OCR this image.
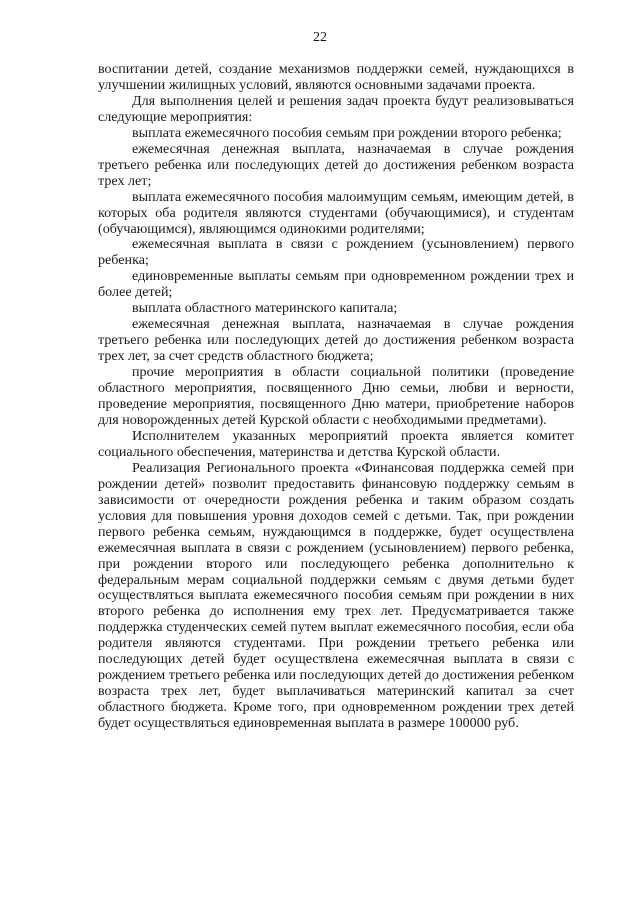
22

воспитании детей, создание механизмов поддержки семей, нуждающихся в улучшении жилищных условий, являются основными задачами проекта.

Для выполнения целей и решения задач проекта будут реализовываться следующие мероприятия:

выплата ежемесячного пособия семьям при рождении второго ребенка;

ежемесячная денежная выплата, назначаемая в случае рождения третьего ребенка или последующих детей до достижения ребенком возраста трех лет;

выплата ежемесячного пособия малоимущим семьям, имеющим детей, в которых оба родителя являются студентами (обучающимися), и студентам (обучающимся), являющимся одинокими родителями;

ежемесячная выплата в связи с рождением (усыновлением) первого ребенка;

единовременные выплаты семьям при одновременном рождении трех и более детей;

выплата областного материнского капитала;

ежемесячная денежная выплата, назначаемая в случае рождения третьего ребенка или последующих детей до достижения ребенком возраста трех лет, за счет средств областного бюджета;

прочие мероприятия в области социальной политики (проведение областного мероприятия, посвященного Дню семьи, любви и верности, проведение мероприятия, посвященного Дню матери, приобретение наборов для новорожденных детей Курской области с необходимыми предметами).

Исполнителем указанных мероприятий проекта является комитет социального обеспечения, материнства и детства Курской области.

Реализация Регионального проекта «Финансовая поддержка семей при рождении детей» позволит предоставить финансовую поддержку семьям в зависимости от очередности рождения ребенка и таким образом создать условия для повышения уровня доходов семей с детьми. Так, при рождении первого ребенка семьям, нуждающимся в поддержке, будет осуществлена ежемесячная выплата в связи с рождением (усыновлением) первого ребенка, при рождении второго или последующего ребенка дополнительно к федеральным мерам социальной поддержки семьям с двумя детьми будет осуществляться выплата ежемесячного пособия семьям при рождении в них второго ребенка до исполнения ему трех лет. Предусматривается также поддержка студенческих семей путем выплат ежемесячного пособия, если оба родителя являются студентами. При рождении третьего ребенка или последующих детей будет осуществлена ежемесячная выплата в связи с рождением третьего ребенка или последующих детей до достижения ребенком возраста трех лет, будет выплачиваться материнский капитал за счет областного бюджета. Кроме того, при одновременном рождении трех детей будет осуществляться единовременная выплата в размере 100000 руб.
